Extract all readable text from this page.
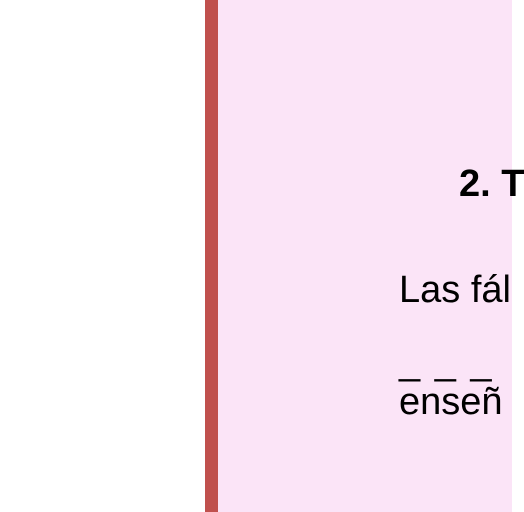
2. T

Las fál

_ _ _

enseñ
